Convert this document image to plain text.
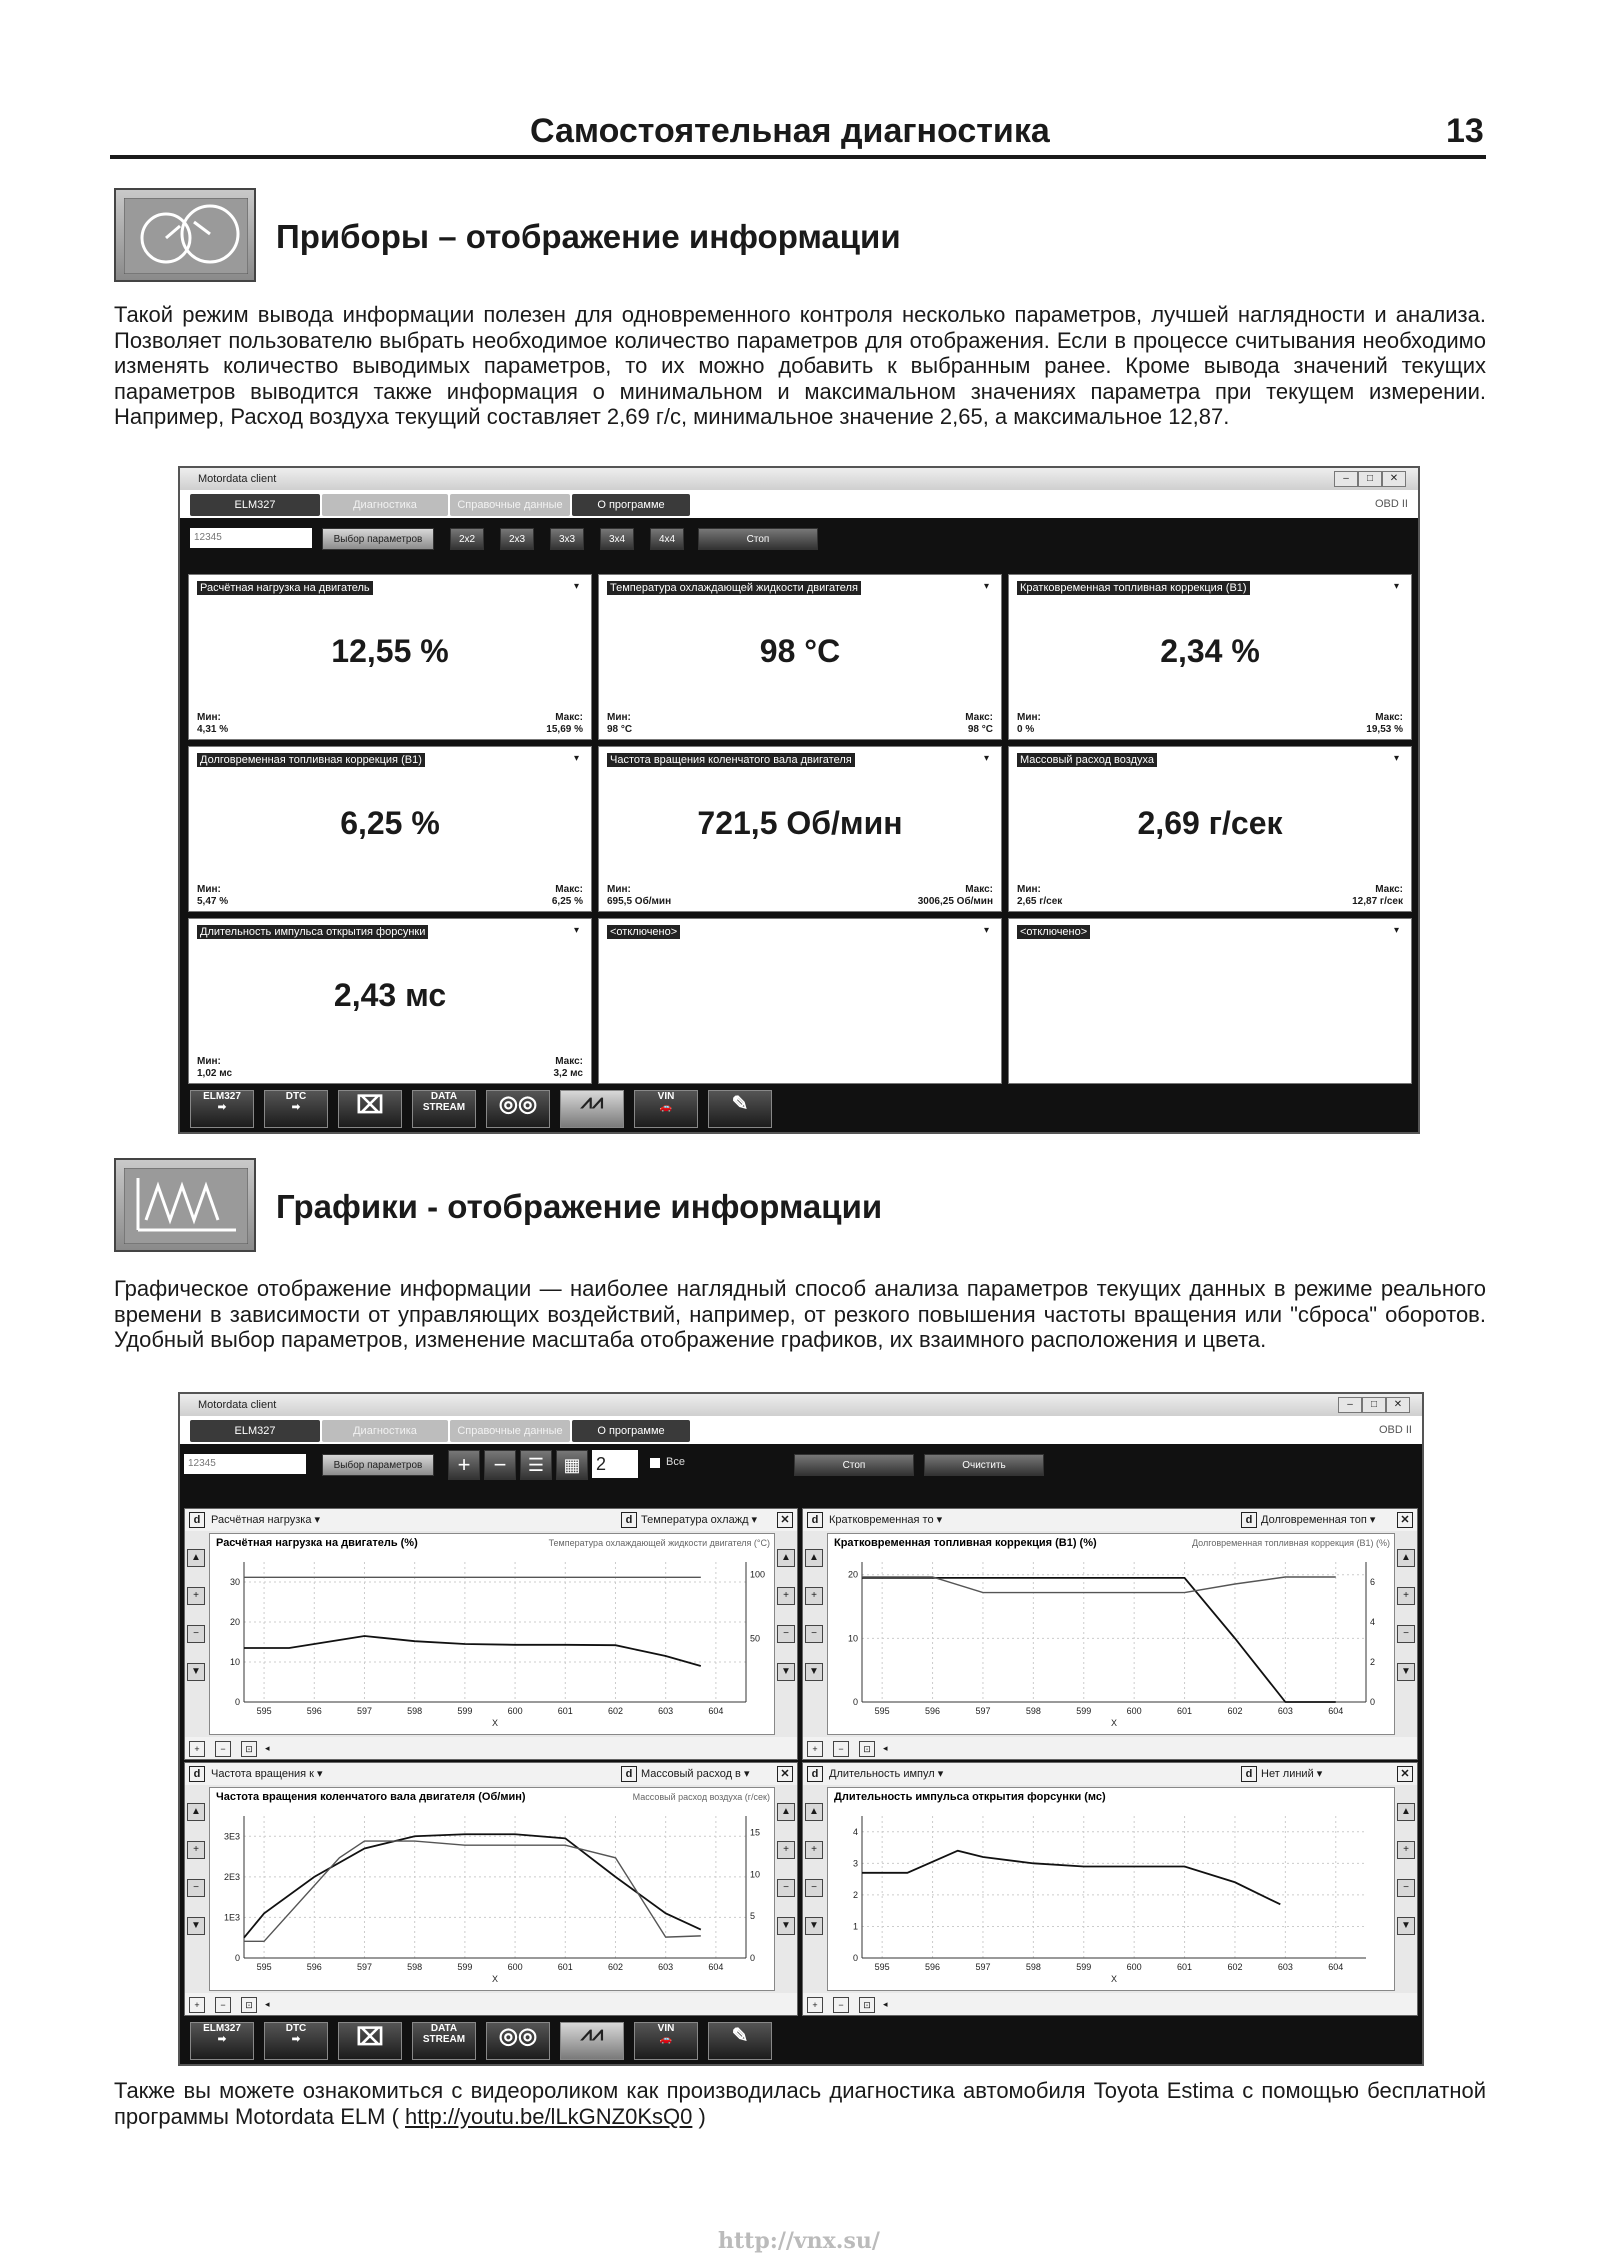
Самостоятельная диагностика	13
Приборы – отображение информации
Такой режим вывода информации полезен для одновременного контроля несколько параметров, лучшей наглядности и анализа. Позволяет пользователю выбрать необходимое количество параметров для отображения. Если в процессе считывания необходимо изменять количество выводимых параметров, то их можно добавить к выбранным ранее. Кроме вывода значений текущих параметров выводится также информация о минимальном и максимальном значениях параметра при текущем измерении. Например, Расход воздуха текущий составляет 2,69 г/с, минимальное значение 2,65, а максимальное 12,87.
Motordata client	–	□	✕
ELM327	Диагностика	Справочные данные	О программе	OBD II
12345	Выбор параметров	2x2	2x3	3x3	3x4	4x4	Стоп
Расчётная нагрузка на двигатель	▾
12,55 %
Мин:
4,31 %
Макс:
15,69 %
Температура охлаждающей жидкости двигателя	▾
98 °C
Мин:
98 °C
Макс:
98 °C
Кратковременная топливная коррекция (B1)	▾
2,34 %
Мин:
0 %
Макс:
19,53 %
Долговременная топливная коррекция (B1)	▾
6,25 %
Мин:
5,47 %
Макс:
6,25 %
Частота вращения коленчатого вала двигателя	▾
721,5 Об/мин
Мин:
695,5 Об/мин
Макс:
3006,25 Об/мин
Массовый расход воздуха	▾
2,69 г/сек
Мин:
2,65 г/сек
Макс:
12,87 г/сек
Длительность импульса открытия форсунки	▾
2,43 мс
Мин:
1,02 мс
Макс:
3,2 мс
<отключено>	▾	<отключено>	▾
ELM327
➡
DTC
➡	⌧	DATA
STREAM	◎◎	⩘⩘	VIN
🚗	✎
Графики - отображение информации
Графическое отображение информации — наиболее наглядный способ анализа параметров текущих данных в режиме реального времени в зависимости от управляющих воздействий, например, от резкого повышения частоты вращения или "сброса" оборотов. Удобный выбор параметров, изменение масштаба отображение графиков, их взаимного расположения и цвета.
Motordata client	–	□	✕
ELM327	Диагностика	Справочные данные	О программе	OBD II
12345	Выбор параметров	+	−	☰	▦ 2	Все	Стоп	Очистить
d Расчётная нагрузка ▾	d Температура охлажд ▾	✕
▲
+
−
▼
▲
+
−
▼
+	−	⊡	◂
Расчётная нагрузка на двигатель (%)	Температура охлаждающей жидкости двигателя (°C)
595	596	597	598	599	600	601	602	603	604
X
0
10
20
30
50
100
d Кратковременная то ▾	d Долговременная топ ▾	✕
▲
+
−
▼
▲
+
−
▼
+	−	⊡	◂
Кратковременная топливная коррекция (B1) (%)	Долговременная топливная коррекция (B1) (%)
595	596	597	598	599	600	601	602	603	604
X
0
10
20
0
2
4
6
d Частота вращения к ▾	d Массовый расход в ▾	✕
▲
+
−
▼
▲
+
−
▼
+	−	⊡	◂
Частота вращения коленчатого вала двигателя (Об/мин)	Массовый расход воздуха (г/сек)
595	596	597	598	599	600	601	602	603	604
X
0
1E3
2E3
3E3
0
5
10
15
d Длительность импул ▾	d Нет линий ▾	✕
▲
+
−
▼
▲
+
−
▼
+	−	⊡	◂
Длительность импульса открытия форсунки (мс)
595	596	597	598	599	600	601	602	603	604
X
0
1
2
3
4
ELM327
➡
DTC
➡	⌧	DATA
STREAM	◎◎	⩘⩘	VIN
🚗	✎
Также вы можете ознакомиться с видеороликом как производилась диагностика автомобиля Toyota Estima с помощью бесплатной программы Motordata ELM ( http://youtu.be/lLkGNZ0KsQ0 )
http://vnx.su/
